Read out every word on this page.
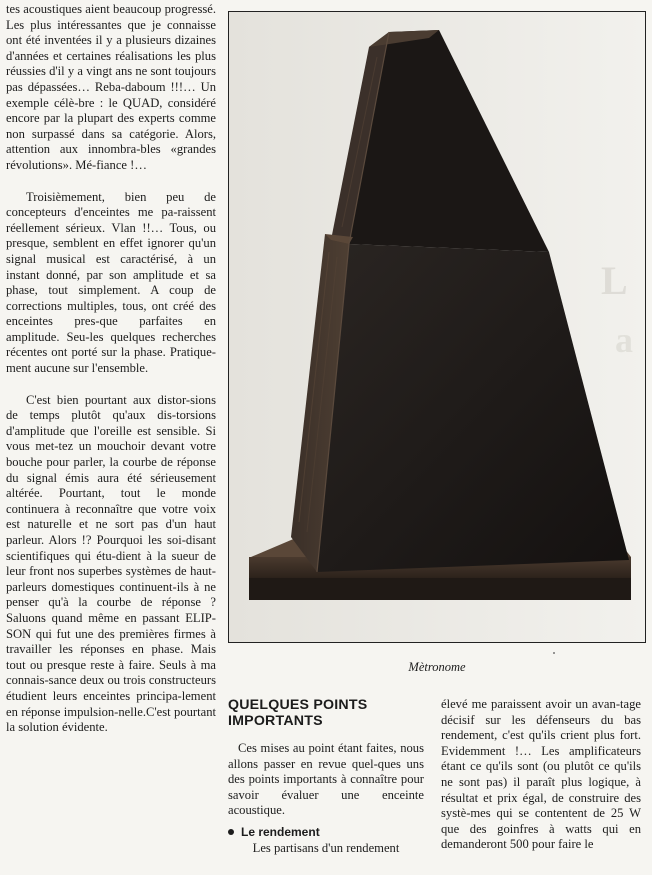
tes acoustiques aient beaucoup progressé. Les plus intéressantes que je connaisse ont été inventées il y a plusieurs dizaines d'années et certaines réalisations les plus réussies d'il y a vingt ans ne sont toujours pas dépassées… Reba-daboum !!!… Un exemple célè-bre : le QUAD, considéré encore par la plupart des experts comme non surpassé dans sa catégorie. Alors, attention aux innombra-bles «grandes révolutions». Mé-fiance !…

Troisièmement, bien peu de concepteurs d'enceintes me pa-raissent réellement sérieux. Vlan !!… Tous, ou presque, semblent en effet ignorer qu'un signal musical est caractérisé, à un instant donné, par son amplitude et sa phase, tout simplement. A coup de corrections multiples, tous, ont créé des enceintes pres-que parfaites en amplitude. Seu-les quelques recherches récentes ont porté sur la phase. Pratique-ment aucune sur l'ensemble.

C'est bien pourtant aux distor-sions de temps plutôt qu'aux dis-torsions d'amplitude que l'oreille est sensible. Si vous met-tez un mouchoir devant votre bouche pour parler, la courbe de réponse du signal émis aura été sérieusement altérée. Pourtant, tout le monde continuera à reconnaître que votre voix est naturelle et ne sort pas d'un haut parleur. Alors !? Pourquoi les soi-disant scientifiques qui étu-dient à la sueur de leur front nos superbes systèmes de haut-parleurs domestiques continuent-ils à ne penser qu'à la courbe de réponse ? Saluons quand même en passant ELIP-SON qui fut une des premières firmes à travailler les réponses en phase. Mais tout ou presque reste à faire. Seuls à ma connais-sance deux ou trois constructeurs étudient leurs enceintes principa-lement en réponse impulsion-nelle.C'est pourtant la solution évidente.

L
a
Mètronome
QUELQUES POINTS
IMPORTANTS

Ces mises au point étant faites, nous allons passer en revue quel-ques uns des points importants à connaître pour savoir évaluer une enceinte acoustique.

Le rendement

Les partisans d'un rendement

élevé me paraissent avoir un avan-tage décisif sur les défenseurs du bas rendement, c'est qu'ils crient plus fort. Evidemment !… Les amplificateurs étant ce qu'ils sont (ou plutôt ce qu'ils ne sont pas) il paraît plus logique, à résultat et prix égal, de construire des systè-mes qui se contentent de 25 W que des goinfres à watts qui en demanderont 500 pour faire le
